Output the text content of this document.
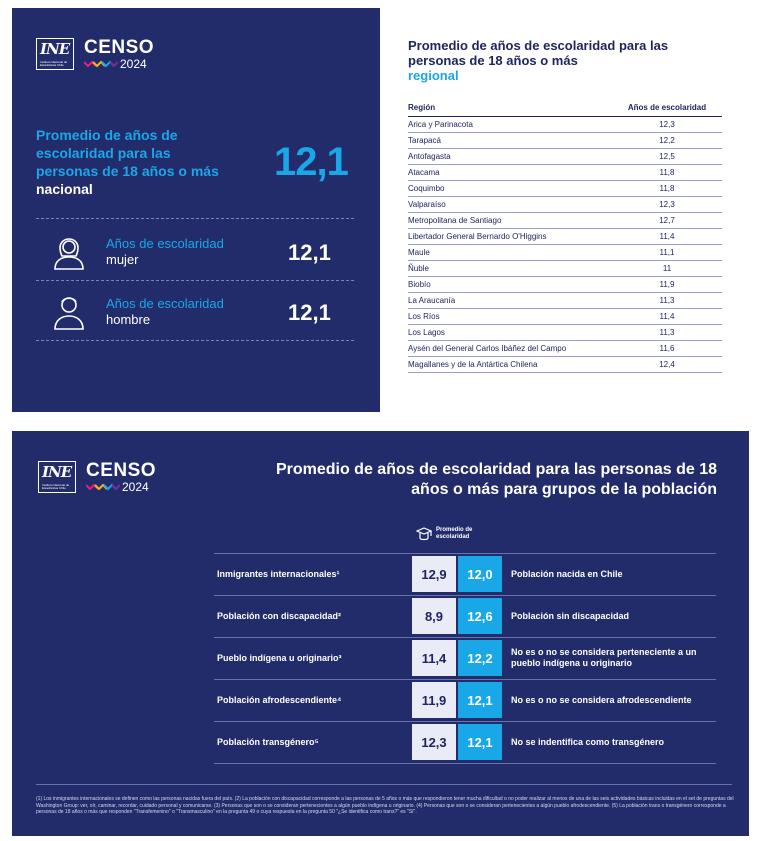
INE
Instituto Nacional de Estadísticas Chile
CENSO
2024
Promedio de años de escolaridad para las personas de 18 años o más
nacional
12,1
Años de escolaridad
mujer	12,1
Años de escolaridad
hombre	12,1
Promedio de años de escolaridad para las personas de 18 años o más
regional
Región	Años de escolaridad
Arica y Parinacota	12,3
Tarapacá	12,2
Antofagasta	12,5
Atacama	11,8
Coquimbo	11,8
Valparaíso	12,3
Metropolitana de Santiago	12,7
Libertador General Bernardo O'Higgins	11,4
Maule	11,1
Ñuble	11
Biobío	11,9
La Araucanía	11,3
Los Ríos	11,4
Los Lagos	11,3
Aysén del General Carlos Ibáñez del Campo	11,6
Magallanes y de la Antártica Chilena	12,4
INE
Instituto Nacional de Estadísticas Chile
CENSO
2024
Promedio de años de escolaridad para las personas de 18 años o más para grupos de la población
Promedio de escolaridad
Inmigrantes internacionales¹	12,9	12,0	Población nacida en Chile
Población con discapacidad²	8,9	12,6	Población sin discapacidad
Pueblo indígena u originario³	11,4	12,2	No es o no se considera perteneciente a un pueblo indígena u originario
Población afrodescendiente⁴	11,9	12,1	No es o no se considera afrodescendiente
Población transgénero⁵	12,3	12,1	No se indentifica como transgénero
(1) Los inmigrantes internacionales se definen como las personas nacidas fuera del país. (2) La población con discapacidad corresponde a las personas de 5 años o más que respondieron tener mucha dificultad o no poder realizar al menos de una de las seis actividades básicas incluidas en el set de preguntas del Washington Group: ver, oír, caminar, recordar, cuidado personal y comunicarse. (3) Personas que son o se consideran pertenecientes a algún pueblo indígena u originario. (4) Personas que son o se consideran pertenecientes a algún pueblo afrodescendiente. (5) La población trans o transgénero corresponde a personas de 18 años o más que responden "Transfemenino" o "Transmasculino" en la pregunta 49 o cuya respuesta en la pregunta 50 "¿Se identifica como trans?" es "Sí".
